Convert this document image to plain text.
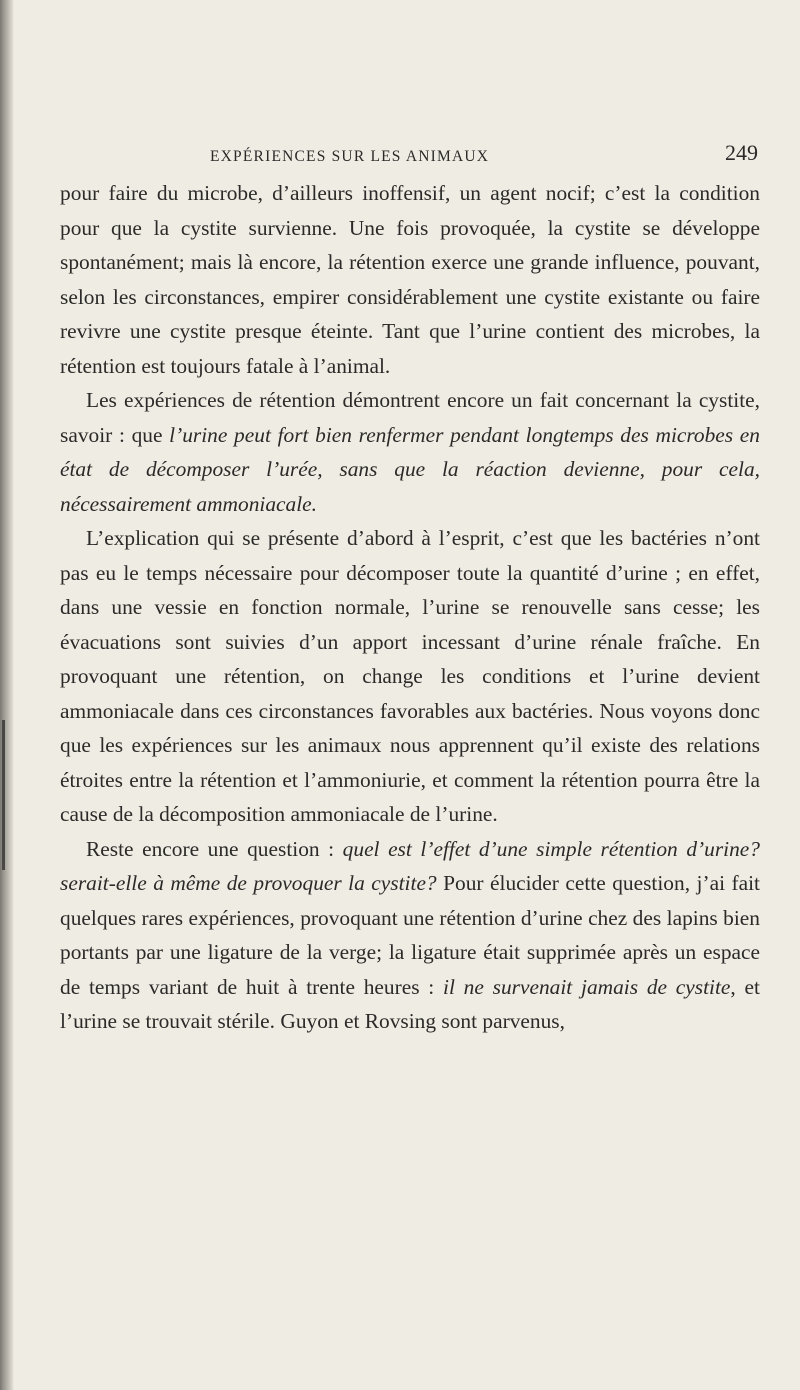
EXPÉRIENCES SUR LES ANIMAUX	249

pour faire du microbe, d’ailleurs inoffensif, un agent nocif; c’est la condition pour que la cystite survienne. Une fois provoquée, la cystite se développe spontanément; mais là encore, la rétention exerce une grande influence, pouvant, selon les circonstances, empirer considérablement une cystite existante ou faire revivre une cystite presque éteinte. Tant que l’urine contient des microbes, la rétention est toujours fatale à l’animal.

Les expériences de rétention démontrent encore un fait concernant la cystite, savoir : que l’urine peut fort bien renfermer pendant longtemps des microbes en état de décomposer l’urée, sans que la réaction devienne, pour cela, nécessairement ammoniacale.

L’explication qui se présente d’abord à l’esprit, c’est que les bactéries n’ont pas eu le temps nécessaire pour décomposer toute la quantité d’urine ; en effet, dans une vessie en fonction normale, l’urine se renouvelle sans cesse; les évacuations sont suivies d’un apport incessant d’urine rénale fraîche. En provoquant une rétention, on change les conditions et l’urine devient ammoniacale dans ces circonstances favorables aux bactéries. Nous voyons donc que les expériences sur les animaux nous apprennent qu’il existe des relations étroites entre la rétention et l’ammoniurie, et comment la rétention pourra être la cause de la décomposition ammoniacale de l’urine.

Reste encore une question : quel est l’effet d’une simple rétention d’urine? serait-elle à même de provoquer la cystite? Pour élucider cette question, j’ai fait quelques rares expériences, provoquant une rétention d’urine chez des lapins bien portants par une ligature de la verge; la ligature était supprimée après un espace de temps variant de huit à trente heures : il ne survenait jamais de cystite, et l’urine se trouvait stérile. Guyon et Rovsing sont parvenus,
